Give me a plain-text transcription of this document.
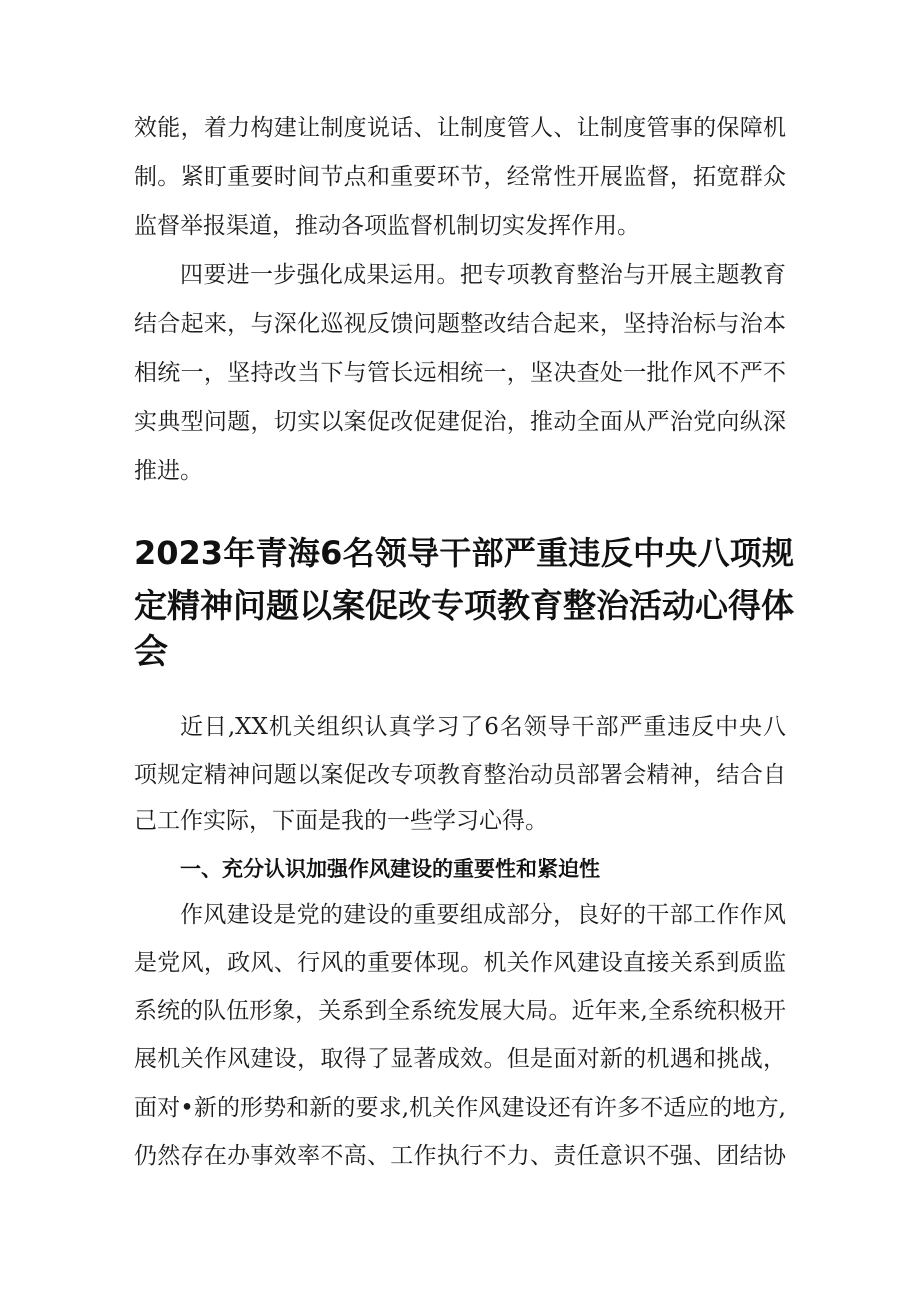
效能，着力构建让制度说话、让制度管人、让制度管事的保障机

制。紧盯重要时间节点和重要环节，经常性开展监督，拓宽群众

监督举报渠道，推动各项监督机制切实发挥作用。

四要进一步强化成果运用。把专项教育整治与开展主题教育

结合起来，与深化巡视反馈问题整改结合起来，坚持治标与治本

相统一，坚持改当下与管长远相统一，坚决查处一批作风不严不

实典型问题，切实以案促改促建促治，推动全面从严治党向纵深

推进。

2023年青海6名领导干部严重违反中央八项规
定精神问题以案促改专项教育整治活动心得体
会

近日,XX机关组织认真学习了6名领导干部严重违反中央八

项规定精神问题以案促改专项教育整治动员部署会精神，结合自

己工作实际，下面是我的一些学习心得。

一、充分认识加强作风建设的重要性和紧迫性

作风建设是党的建设的重要组成部分，良好的干部工作作风

是党风，政风、行风的重要体现。机关作风建设直接关系到质监

系统的队伍形象，关系到全系统发展大局。近年来,全系统积极开

展机关作风建设，取得了显著成效。但是面对新的机遇和挑战，

面对•新的形势和新的要求,机关作风建设还有许多不适应的地方,

仍然存在办事效率不高、工作执行不力、责任意识不强、团结协
